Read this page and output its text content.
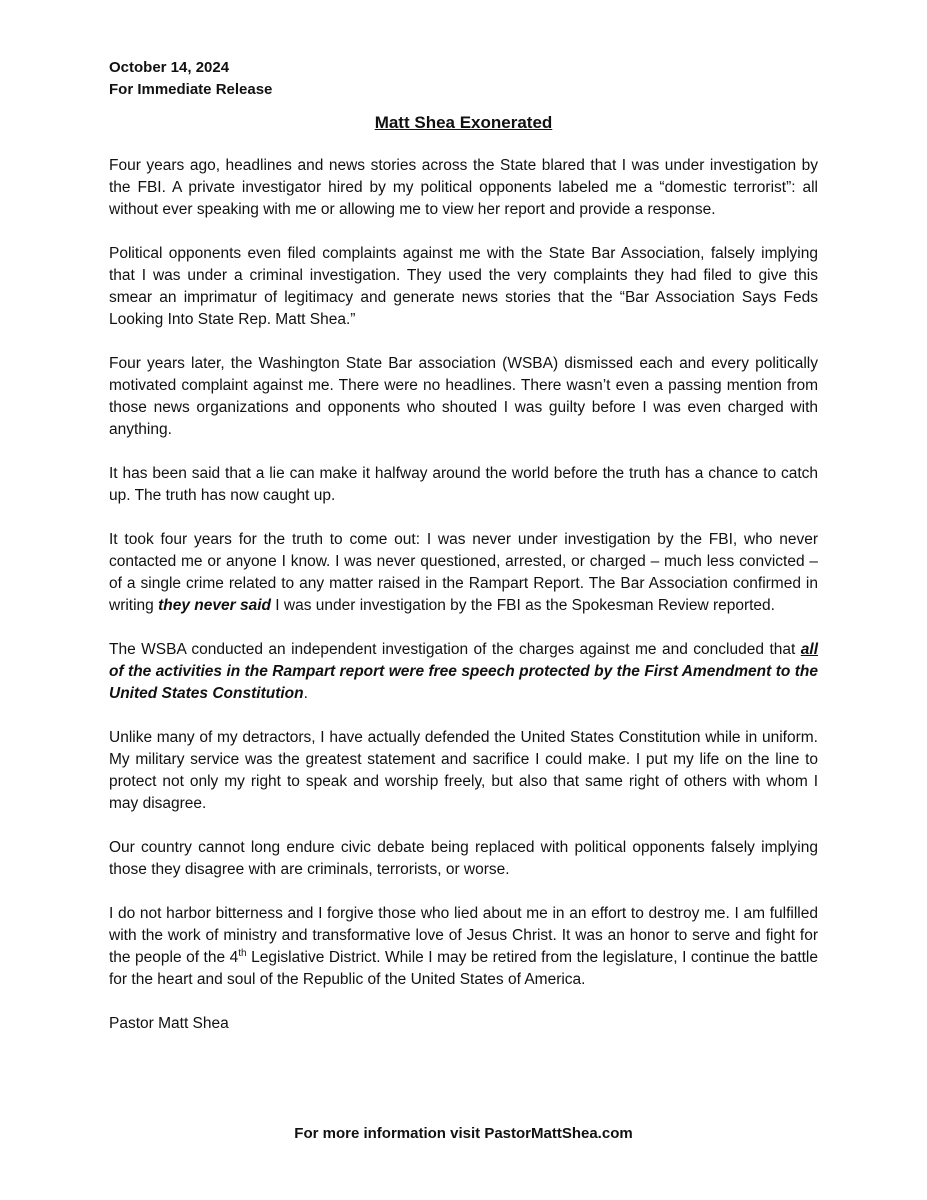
October 14, 2024
For Immediate Release
Matt Shea Exonerated

Four years ago, headlines and news stories across the State blared that I was under investigation by the FBI. A private investigator hired by my political opponents labeled me a “domestic terrorist”: all without ever speaking with me or allowing me to view her report and provide a response.

Political opponents even filed complaints against me with the State Bar Association, falsely implying that I was under a criminal investigation. They used the very complaints they had filed to give this smear an imprimatur of legitimacy and generate news stories that the “Bar Association Says Feds Looking Into State Rep. Matt Shea.”

Four years later, the Washington State Bar association (WSBA) dismissed each and every politically motivated complaint against me. There were no headlines. There wasn’t even a passing mention from those news organizations and opponents who shouted I was guilty before I was even charged with anything.

It has been said that a lie can make it halfway around the world before the truth has a chance to catch up. The truth has now caught up.

It took four years for the truth to come out: I was never under investigation by the FBI, who never contacted me or anyone I know. I was never questioned, arrested, or charged – much less convicted – of a single crime related to any matter raised in the Rampart Report. The Bar Association confirmed in writing they never said I was under investigation by the FBI as the Spokesman Review reported.

The WSBA conducted an independent investigation of the charges against me and concluded that all of the activities in the Rampart report were free speech protected by the First Amendment to the United States Constitution.

Unlike many of my detractors, I have actually defended the United States Constitution while in uniform. My military service was the greatest statement and sacrifice I could make. I put my life on the line to protect not only my right to speak and worship freely, but also that same right of others with whom I may disagree.

Our country cannot long endure civic debate being replaced with political opponents falsely implying those they disagree with are criminals, terrorists, or worse.

I do not harbor bitterness and I forgive those who lied about me in an effort to destroy me. I am fulfilled with the work of ministry and transformative love of Jesus Christ. It was an honor to serve and fight for the people of the 4th Legislative District. While I may be retired from the legislature, I continue the battle for the heart and soul of the Republic of the United States of America.

Pastor Matt Shea

For more information visit PastorMattShea.com
